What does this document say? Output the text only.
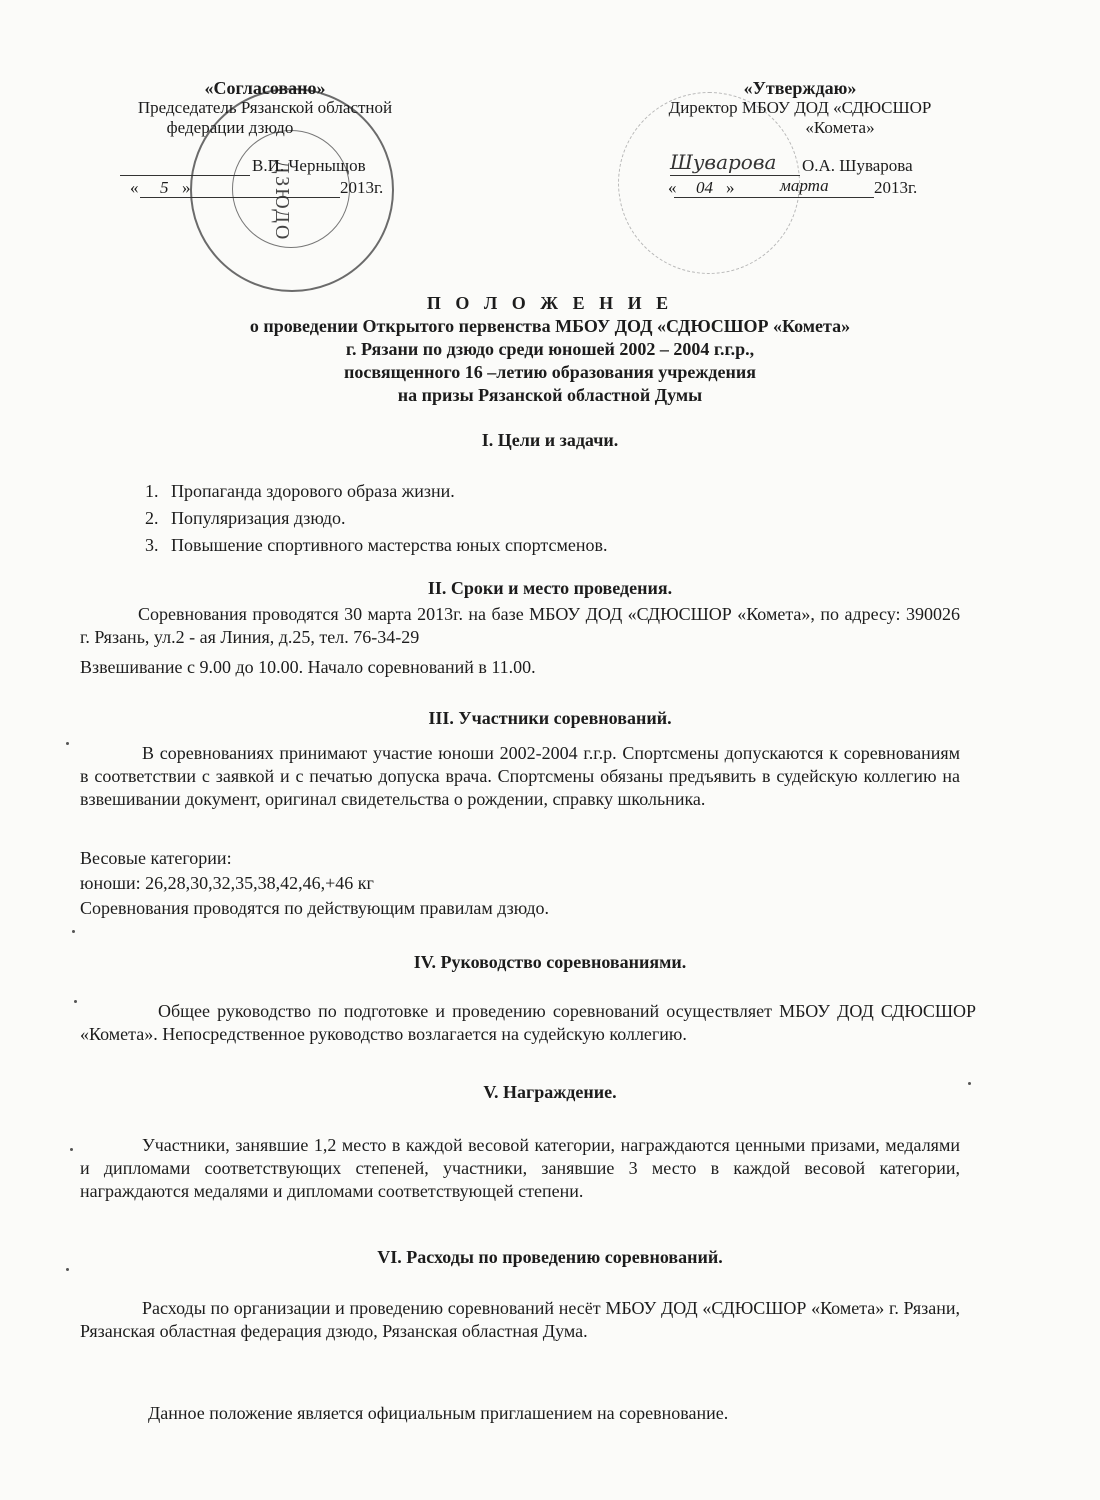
ДЗЮДО
«Согласовано»
Председатель Рязанской областной
федерации дзюдо
В.И. Черныщов
« 5 »	2013г.
«Утверждаю»
Директор МБОУ ДОД «СДЮСШОР
«Комета»
Шуварова О.А. Шуварова
« 04 »	марта	2013г.
П О Л О Ж Е Н И Е
о проведении Открытого первенства МБОУ ДОД «СДЮСШОР «Комета»
г. Рязани по дзюдо среди юношей 2002 – 2004 г.г.р.,
посвященного 16 –летию образования учреждения
на призы Рязанской областной Думы
I. Цели и задачи.
1. Пропаганда здорового образа жизни.
2. Популяризация дзюдо.
3. Повышение спортивного мастерства юных спортсменов.
II. Сроки и место проведения.
Соревнования проводятся 30 марта 2013г. на базе МБОУ ДОД «СДЮСШОР «Комета», по адресу: 390026 г. Рязань, ул.2 - ая Линия, д.25, тел. 76-34-29
Взвешивание с 9.00 до 10.00. Начало соревнований в 11.00.
III. Участники соревнований.
В соревнованиях принимают участие юноши 2002-2004 г.г.р. Спортсмены допускаются к соревнованиям в соответствии с заявкой и с печатью допуска врача. Спортсмены обязаны предъявить в судейскую коллегию на взвешивании документ, оригинал свидетельства о рождении, справку школьника.
Весовые категории:
юноши: 26,28,30,32,35,38,42,46,+46 кг
Соревнования проводятся по действующим правилам дзюдо.
IV. Руководство соревнованиями.
Общее руководство по подготовке и проведению соревнований осуществляет МБОУ ДОД СДЮСШОР «Комета». Непосредственное руководство возлагается на судейскую коллегию.
V. Награждение.
Участники, занявшие 1,2 место в каждой весовой категории, награждаются ценными призами, медалями и дипломами соответствующих степеней, участники, занявшие 3 место в каждой весовой категории, награждаются медалями и дипломами соответствующей степени.
VI. Расходы по проведению соревнований.
Расходы по организации и проведению соревнований несёт МБОУ ДОД «СДЮСШОР «Комета» г. Рязани, Рязанская областная федерация дзюдо, Рязанская областная Дума.
Данное положение является официальным приглашением на соревнование.
